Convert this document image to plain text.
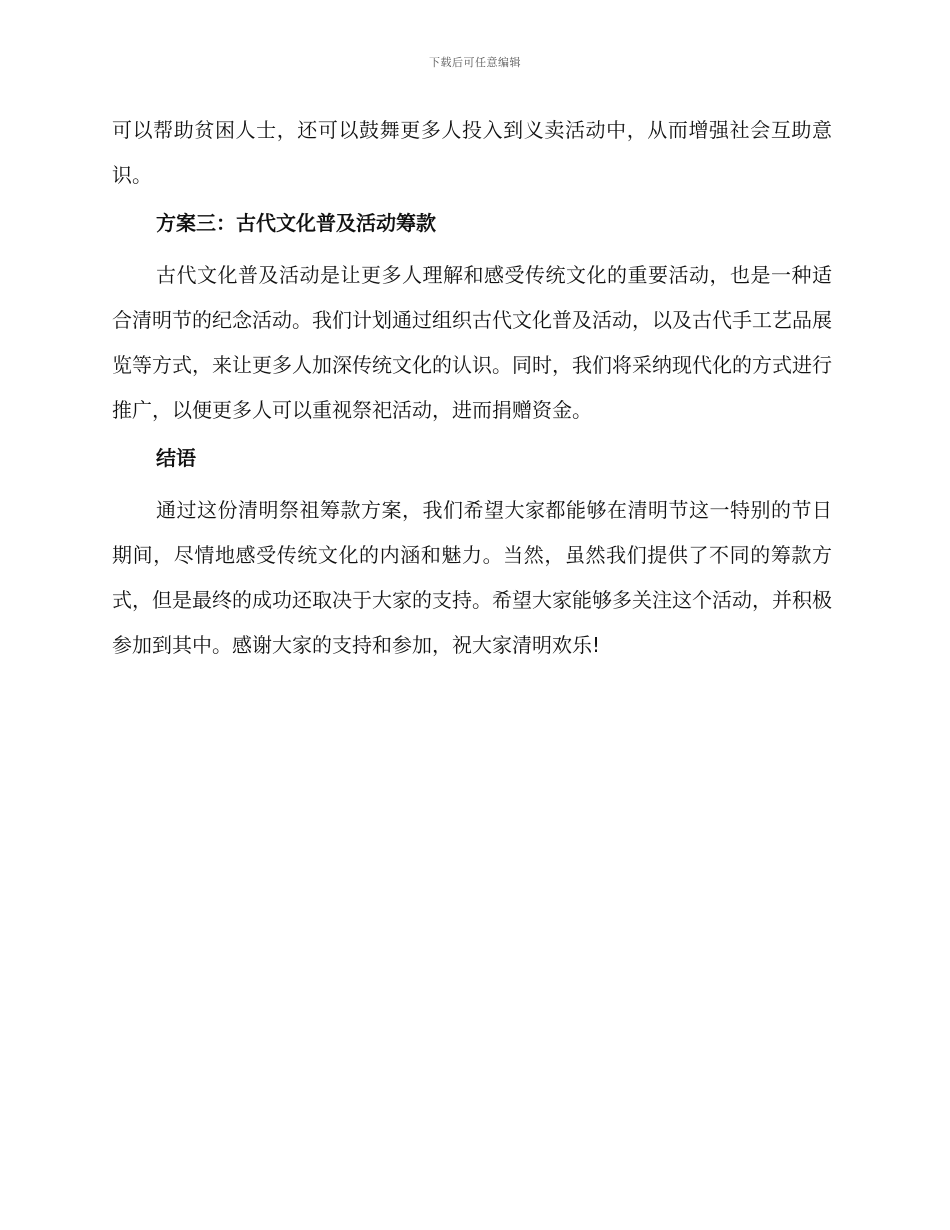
下载后可任意编辑

可以帮助贫困人士，还可以鼓舞更多人投入到义卖活动中，从而增强社会互助意识。

方案三：古代文化普及活动筹款

古代文化普及活动是让更多人理解和感受传统文化的重要活动，也是一种适合清明节的纪念活动。我们计划通过组织古代文化普及活动，以及古代手工艺品展览等方式，来让更多人加深传统文化的认识。同时，我们将采纳现代化的方式进行推广，以便更多人可以重视祭祀活动，进而捐赠资金。

结语

通过这份清明祭祖筹款方案，我们希望大家都能够在清明节这一特别的节日期间，尽情地感受传统文化的内涵和魅力。当然，虽然我们提供了不同的筹款方式，但是最终的成功还取决于大家的支持。希望大家能够多关注这个活动，并积极参加到其中。感谢大家的支持和参加，祝大家清明欢乐!
